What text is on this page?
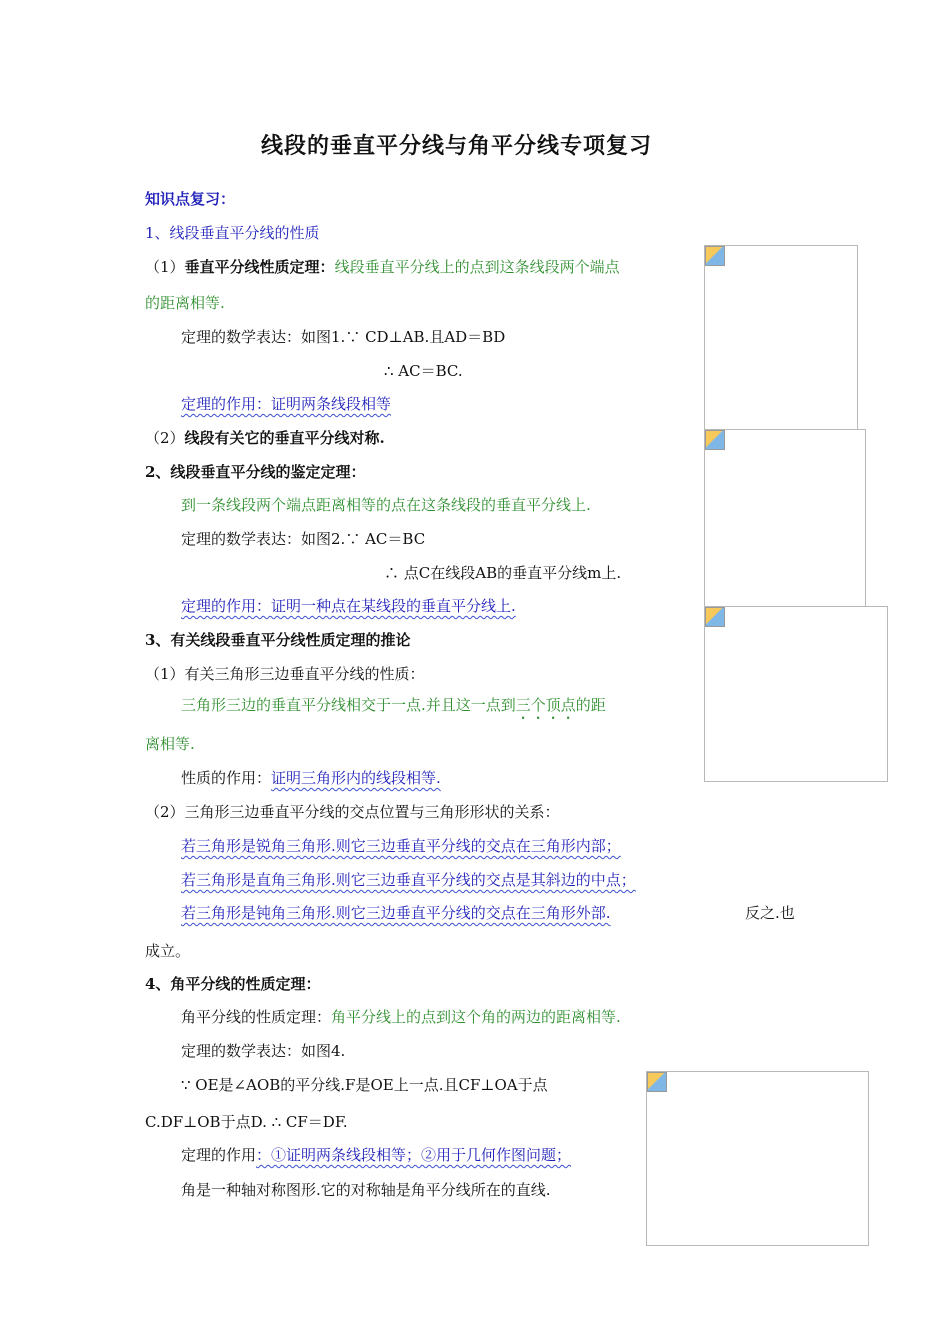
线段的垂直平分线与角平分线专项复习
知识点复习：
1、线段垂直平分线的性质
（1）垂直平分线性质定理：线段垂直平分线上的点到这条线段两个端点
的距离相等.
定理的数学表达：如图1.∵ CD⊥AB.且AD＝BD
∴ AC＝BC.
定理的作用：证明两条线段相等
（2）线段有关它的垂直平分线对称.
2、线段垂直平分线的鉴定定理：
到一条线段两个端点距离相等的点在这条线段的垂直平分线上.
定理的数学表达：如图2.∵ AC＝BC
∴ 点C在线段AB的垂直平分线m上.
定理的作用：证明一种点在某线段的垂直平分线上.
3、有关线段垂直平分线性质定理的推论
（1）有关三角形三边垂直平分线的性质：
三角形三边的垂直平分线相交于一点.并且这一点到三个顶点的距
离相等.
性质的作用：证明三角形内的线段相等.
（2）三角形三边垂直平分线的交点位置与三角形形状的关系：
若三角形是锐角三角形.则它三边垂直平分线的交点在三角形内部；
若三角形是直角三角形.则它三边垂直平分线的交点是其斜边的中点；
若三角形是钝角三角形.则它三边垂直平分线的交点在三角形外部.	反之.也
成立。
4、角平分线的性质定理：
角平分线的性质定理：角平分线上的点到这个角的两边的距离相等.
定理的数学表达：如图4.
∵ OE是∠AOB的平分线.F是OE上一点.且CF⊥OA于点
C.DF⊥OB于点D. ∴ CF＝DF.
定理的作用：①证明两条线段相等；②用于几何作图问题；
角是一种轴对称图形.它的对称轴是角平分线所在的直线.
